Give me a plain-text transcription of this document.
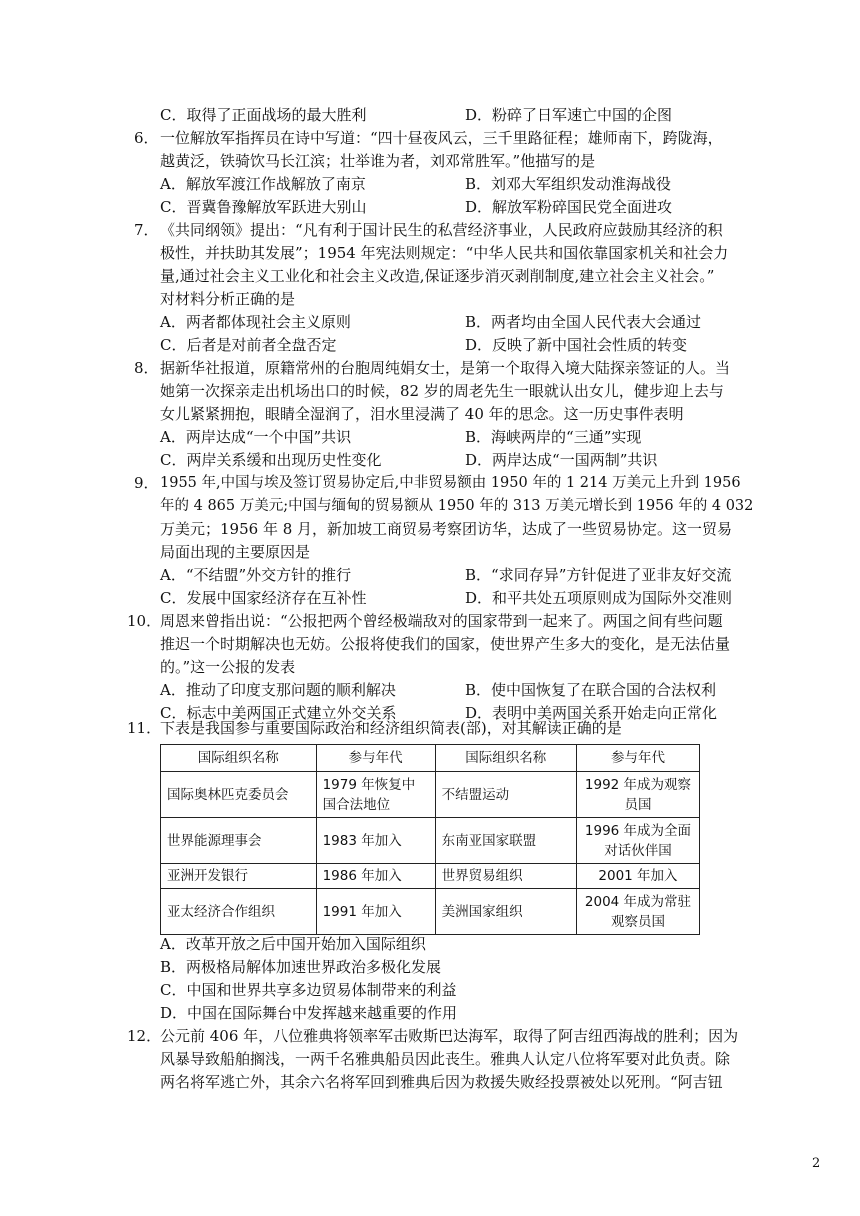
C．取得了正面战场的最大胜利	D．粉碎了日军速亡中国的企图
6． 一位解放军指挥员在诗中写道：“四十昼夜风云，三千里路征程；雄师南下，跨陇海，
越黄泛，铁骑饮马长江滨；壮举谁为者，刘邓常胜军。”他描写的是
A．解放军渡江作战解放了南京	B．刘邓大军组织发动淮海战役
C．晋冀鲁豫解放军跃进大别山	D．解放军粉碎国民党全面进攻
7． 《共同纲领》提出：“凡有利于国计民生的私营经济事业，人民政府应鼓励其经济的积
极性，并扶助其发展”；1954 年宪法则规定：“中华人民共和国依靠国家机关和社会力
量,通过社会主义工业化和社会主义改造,保证逐步消灭剥削制度,建立社会主义社会。”
对材料分析正确的是
A．两者都体现社会主义原则	B．两者均由全国人民代表大会通过
C．后者是对前者全盘否定	D．反映了新中国社会性质的转变
8． 据新华社报道，原籍常州的台胞周纯娟女士，是第一个取得入境大陆探亲签证的人。当
她第一次探亲走出机场出口的时候，82 岁的周老先生一眼就认出女儿，健步迎上去与
女儿紧紧拥抱，眼睛全湿润了，泪水里浸满了 40 年的思念。这一历史事件表明
A．两岸达成“一个中国”共识	B．海峡两岸的“三通”实现
C．两岸关系缓和出现历史性变化	D．两岸达成“一国两制”共识
9． 1955 年,中国与埃及签订贸易协定后,中非贸易额由 1950 年的 1 214 万美元上升到 1956
年的 4 865 万美元;中国与缅甸的贸易额从 1950 年的 313 万美元增长到 1956 年的 4 032
万美元；1956 年 8 月，新加坡工商贸易考察团访华，达成了一些贸易协定。这一贸易
局面出现的主要原因是
A．“不结盟”外交方针的推行	B．“求同存异”方针促进了亚非友好交流
C．发展中国家经济存在互补性	D．和平共处五项原则成为国际外交准则
10．
周恩来曾指出说：“公报把两个曾经极端敌对的国家带到一起来了。两国之间有些问题
推迟一个时期解决也无妨。公报将使我们的国家，使世界产生多大的变化，是无法估量
的。”这一公报的发表
A．推动了印度支那问题的顺利解决	B．使中国恢复了在联合国的合法权利
C．标志中美两国正式建立外交关系	D．表明中美两国关系开始走向正常化
11．
下表是我国参与重要国际政治和经济组织简表(部)，对其解读正确的是
国际组织名称	参与年代	国际组织名称	参与年代
国际奥林匹克委员会	1979 年恢复中国合法地位	不结盟运动	1992 年成为观察员国
世界能源理事会	1983 年加入	东南亚国家联盟	1996 年成为全面对话伙伴国
亚洲开发银行	1986 年加入	世界贸易组织	2001 年加入
亚太经济合作组织	1991 年加入	美洲国家组织	2004 年成为常驻观察员国
A．改革开放之后中国开始加入国际组织
B．两极格局解体加速世界政治多极化发展
C．中国和世界共享多边贸易体制带来的利益
D．中国在国际舞台中发挥越来越重要的作用
12．
公元前 406 年，八位雅典将领率军击败斯巴达海军，取得了阿吉纽西海战的胜利；因为
风暴导致船舶搁浅，一两千名雅典船员因此丧生。雅典人认定八位将军要对此负责。除
两名将军逃亡外，其余六名将军回到雅典后因为救援失败经投票被处以死刑。“阿吉钮
2
